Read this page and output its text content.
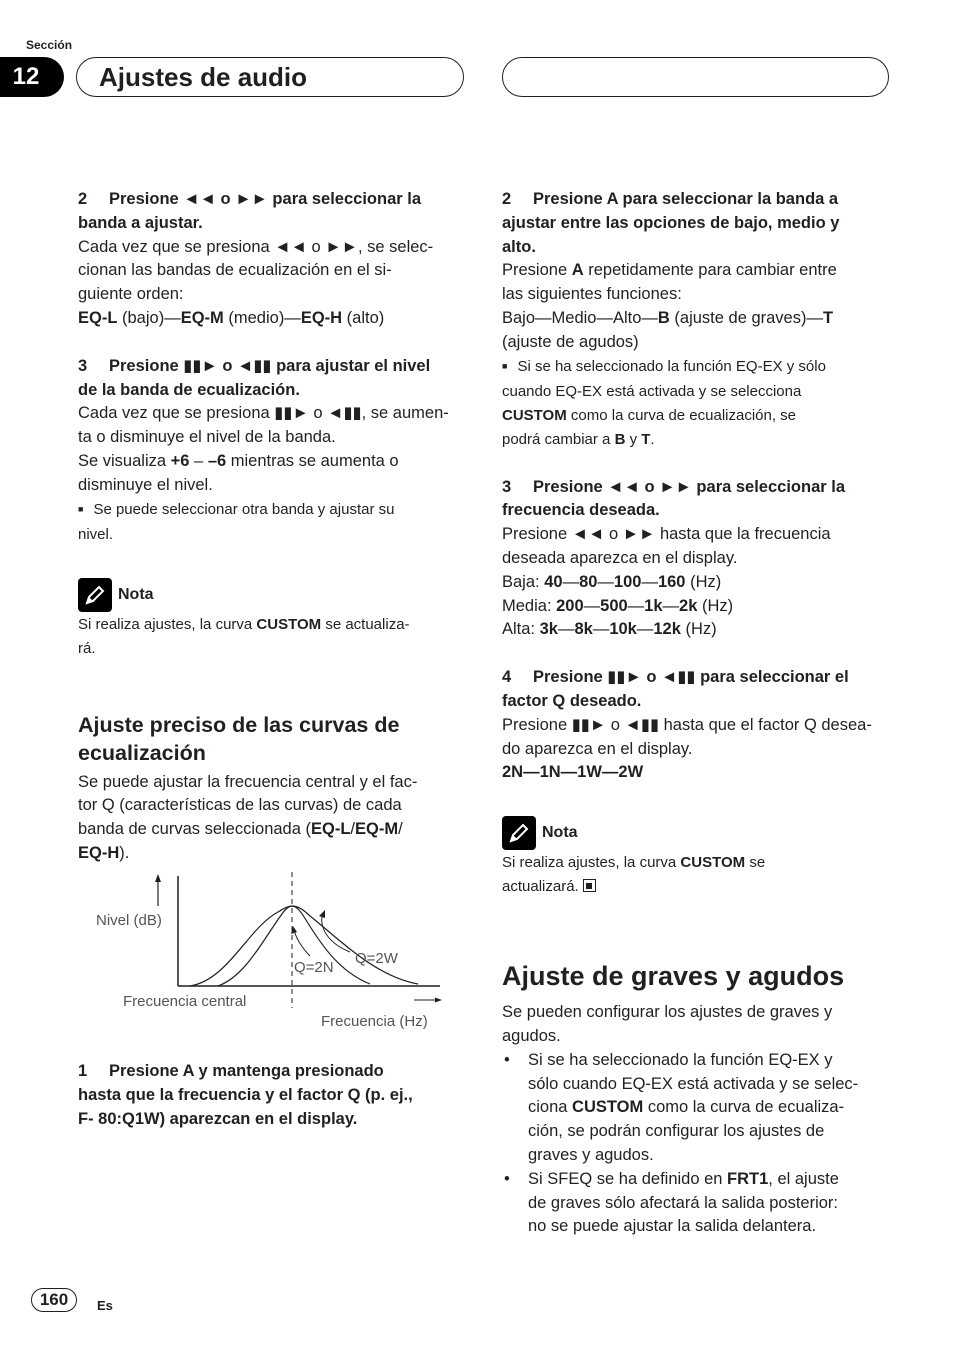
Sección
12	Ajustes de audio

2 Presione ◄◄ o ►► para seleccionar la

banda a ajustar.

Cada vez que se presiona ◄◄ o ►►, se selec-

cionan las bandas de ecualización en el si-

guiente orden:

EQ-L (bajo)—EQ-M (medio)—EQ-H (alto)

3 Presione ▮▮► o ◄▮▮ para ajustar el nivel

de la banda de ecualización.

Cada vez que se presiona ▮▮► o ◄▮▮, se aumen-

ta o disminuye el nivel de la banda.

Se visualiza +6 – –6 mientras se aumenta o

disminuye el nivel.

■ Se puede seleccionar otra banda y ajustar su

nivel.

Nota

Si realiza ajustes, la curva CUSTOM se actualiza-

rá.

Ajuste preciso de las curvas de
ecualización

Se puede ajustar la frecuencia central y el fac-

tor Q (características de las curvas) de cada

banda de curvas seleccionada (EQ-L/EQ-M/

EQ-H).

Nivel (dB)
Frecuencia central
Frecuencia (Hz)
Q=2N
Q=2W

1 Presione A y mantenga presionado

hasta que la frecuencia y el factor Q (p. ej.,

F- 80:Q1W) aparezcan en el display.

2 Presione A para seleccionar la banda a

ajustar entre las opciones de bajo, medio y

alto.

Presione A repetidamente para cambiar entre

las siguientes funciones:

Bajo—Medio—Alto—B (ajuste de graves)—T

(ajuste de agudos)

■ Si se ha seleccionado la función EQ-EX y sólo

cuando EQ-EX está activada y se selecciona

CUSTOM como la curva de ecualización, se

podrá cambiar a B y T.

3 Presione ◄◄ o ►► para seleccionar la

frecuencia deseada.

Presione ◄◄ o ►► hasta que la frecuencia

deseada aparezca en el display.

Baja: 40—80—100—160 (Hz)

Media: 200—500—1k—2k (Hz)

Alta: 3k—8k—10k—12k (Hz)

4 Presione ▮▮► o ◄▮▮ para seleccionar el

factor Q deseado.

Presione ▮▮► o ◄▮▮ hasta que el factor Q desea-

do aparezca en el display.

2N—1N—1W—2W

Nota

Si realiza ajustes, la curva CUSTOM se

actualizará.

Ajuste de graves y agudos

Se pueden configurar los ajustes de graves y

agudos.

• Si se ha seleccionado la función EQ-EX y

sólo cuando EQ-EX está activada y se selec-

ciona CUSTOM como la curva de ecualiza-

ción, se podrán configurar los ajustes de

graves y agudos.

• Si SFEQ se ha definido en FRT1, el ajuste

de graves sólo afectará la salida posterior:

no se puede ajustar la salida delantera.

160	Es
